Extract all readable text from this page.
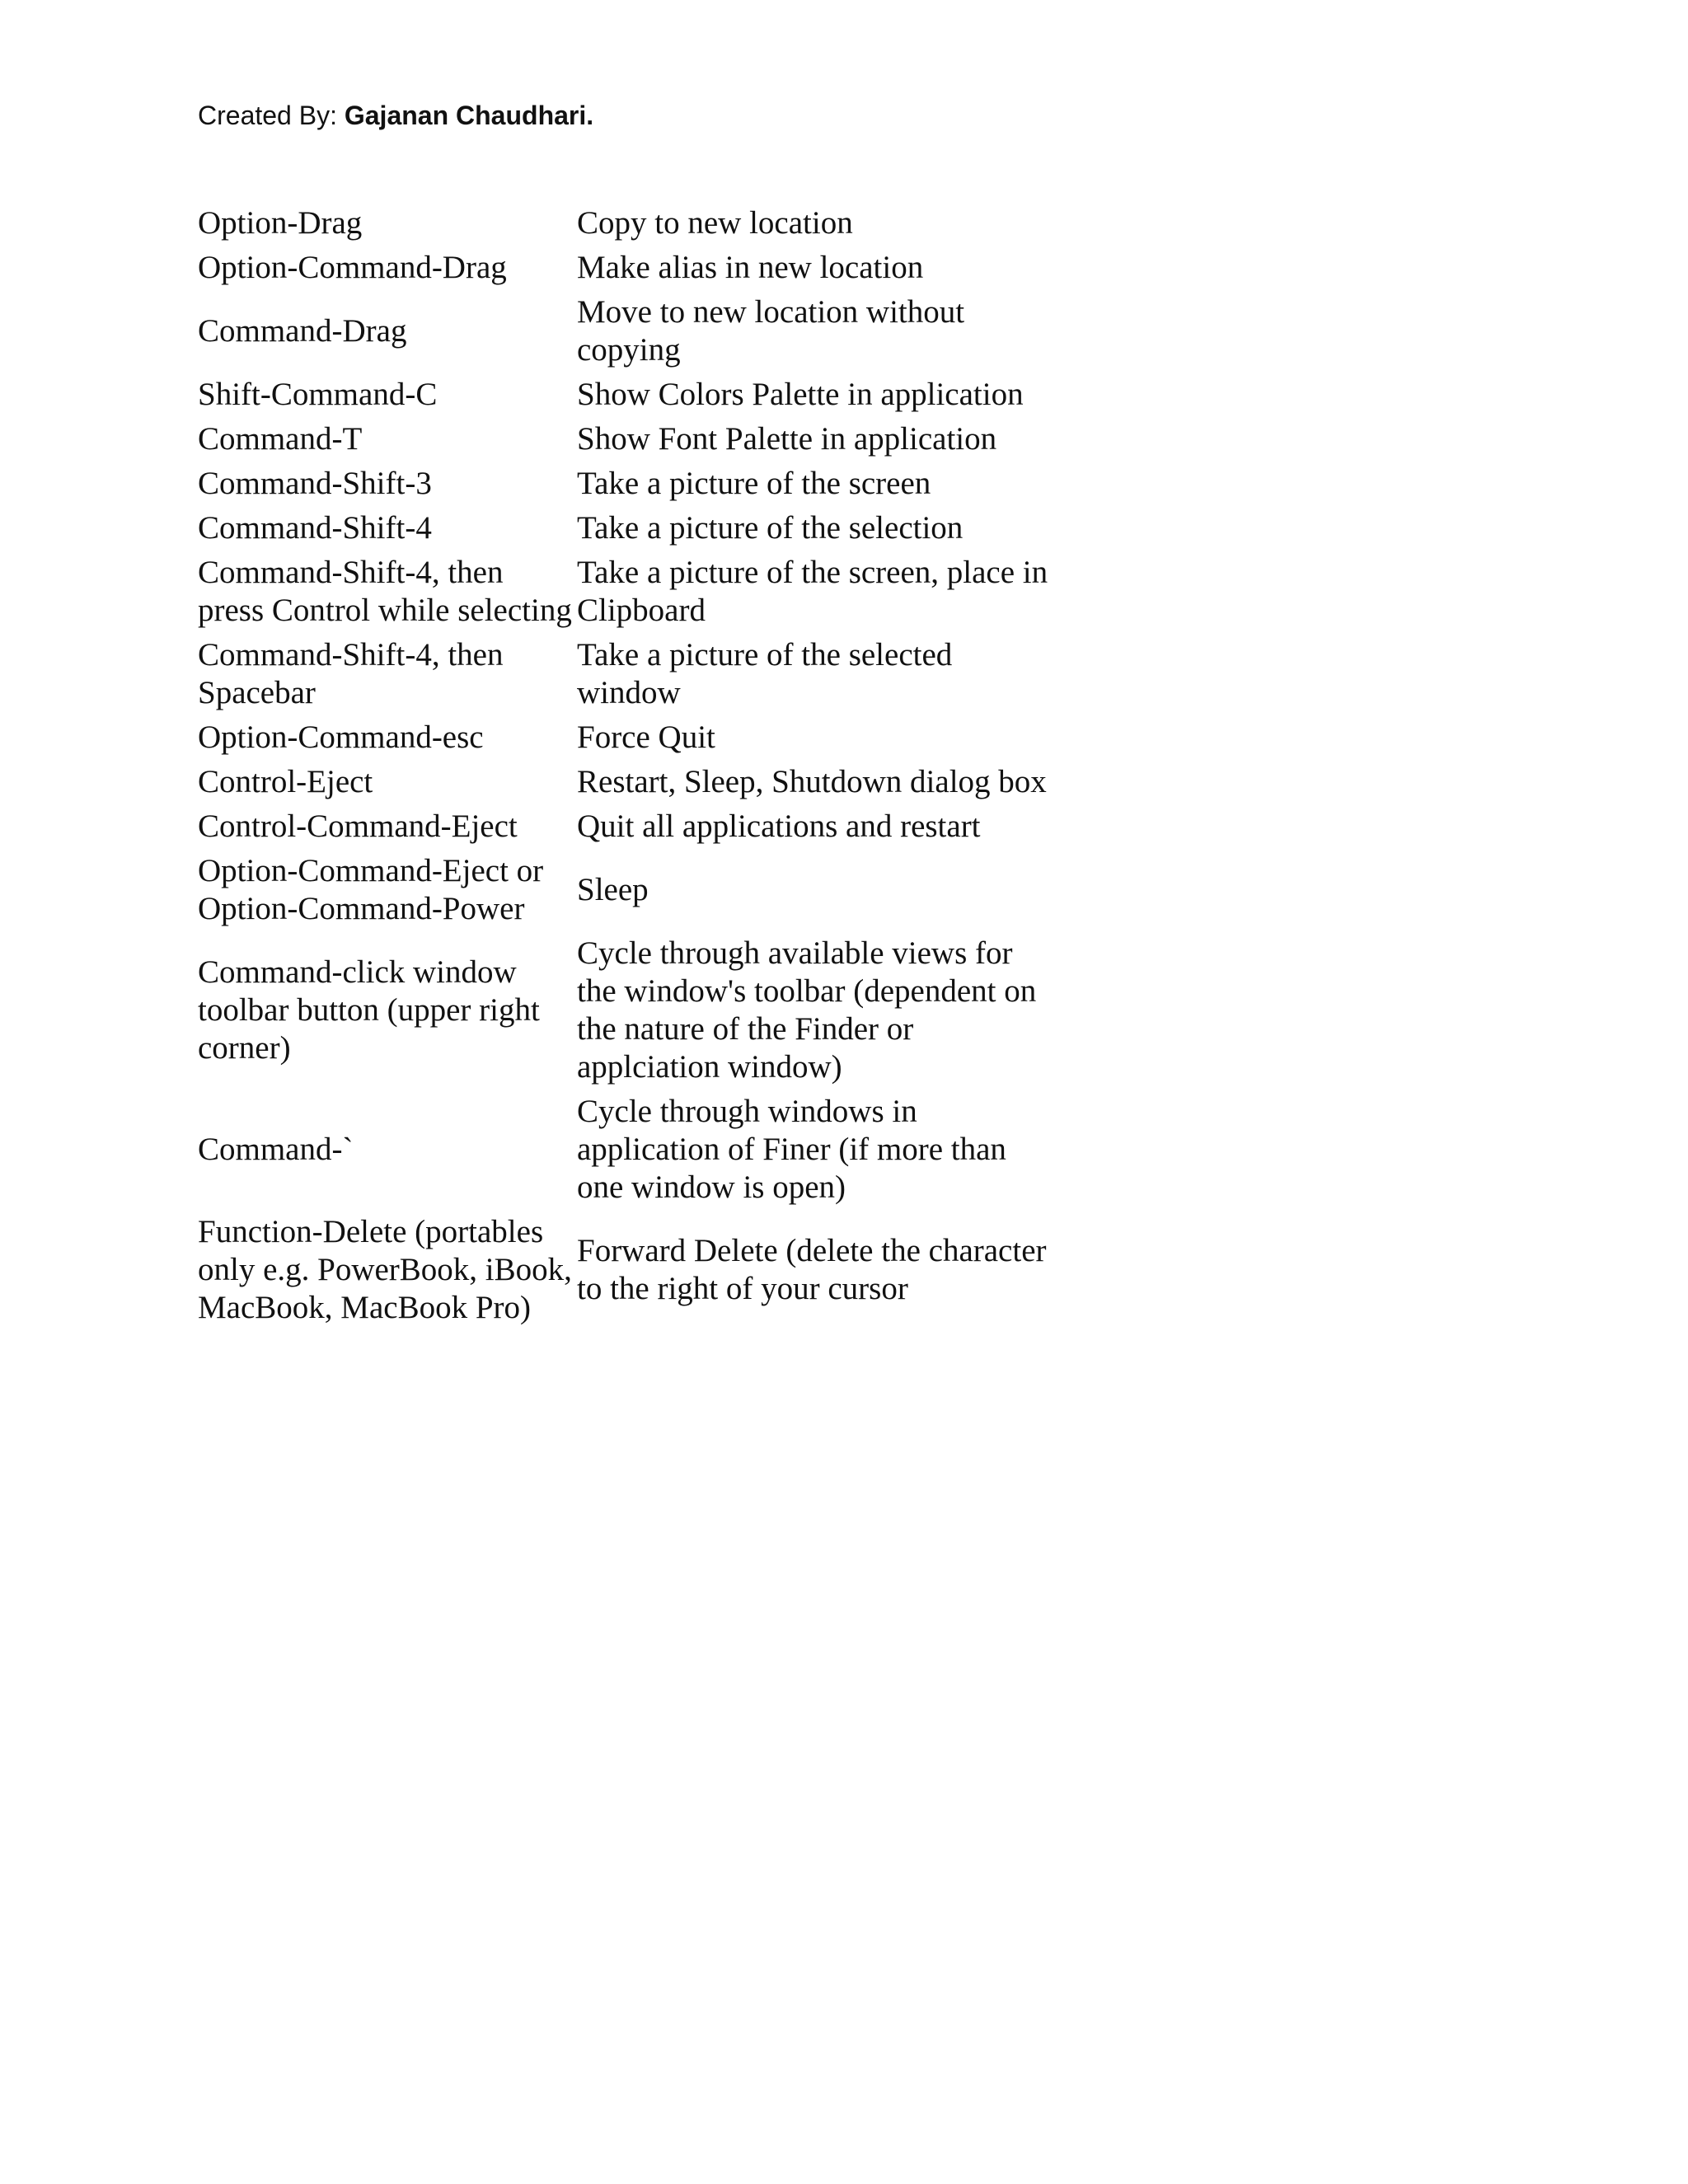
Created By: Gajanan Chaudhari.
Option-Drag	Copy to new location
Option-Command-Drag	Make alias in new location
Command-Drag	Move to new location without copying
Shift-Command-C	Show Colors Palette in application
Command-T	Show Font Palette in application
Command-Shift-3	Take a picture of the screen
Command-Shift-4	Take a picture of the selection
Command-Shift-4, then press Control while selecting	Take a picture of the screen, place in Clipboard
Command-Shift-4, then Spacebar	Take a picture of the selected window
Option-Command-esc	Force Quit
Control-Eject	Restart, Sleep, Shutdown dialog box
Control-Command-Eject	Quit all applications and restart
Option-Command-Eject or Option-Command-Power	Sleep
Command-click window toolbar button (upper right corner)	Cycle through available views for the window's toolbar (dependent on the nature of the Finder or applciation window)
Command-`	Cycle through windows in application of Finer (if more than one window is open)
Function-Delete (portables only e.g. PowerBook, iBook, MacBook, MacBook Pro)	Forward Delete (delete the character to the right of your cursor
